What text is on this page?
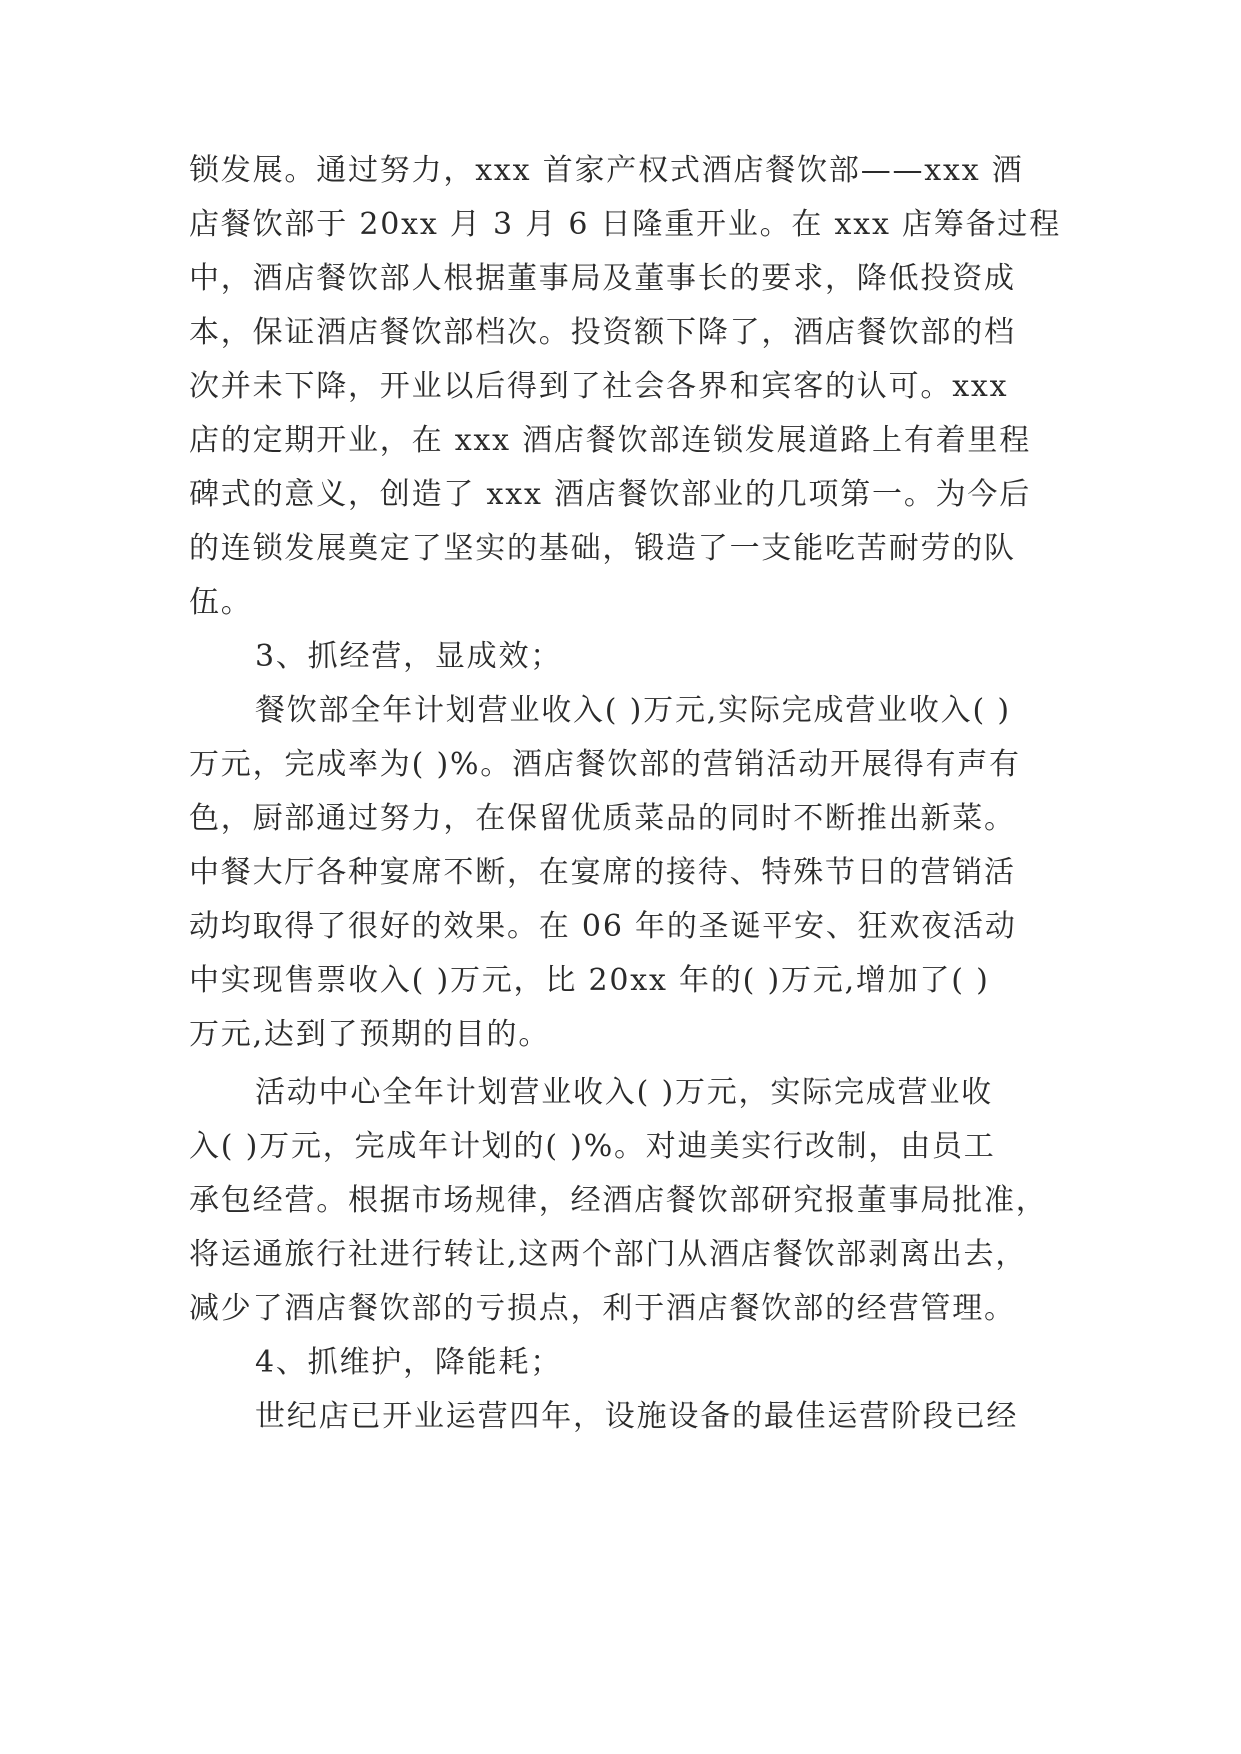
锁发展。通过努力，xxx 首家产权式酒店餐饮部——xxx 酒
店餐饮部于 20xx 月 3 月 6 日隆重开业。在 xxx 店筹备过程
中，酒店餐饮部人根据董事局及董事长的要求，降低投资成
本，保证酒店餐饮部档次。投资额下降了，酒店餐饮部的档
次并未下降，开业以后得到了社会各界和宾客的认可。xxx
店的定期开业，在 xxx 酒店餐饮部连锁发展道路上有着里程
碑式的意义，创造了 xxx 酒店餐饮部业的几项第一。为今后
的连锁发展奠定了坚实的基础，锻造了一支能吃苦耐劳的队
伍。
3、抓经营，显成效；
餐饮部全年计划营业收入( )万元,实际完成营业收入( )
万元，完成率为( )%。酒店餐饮部的营销活动开展得有声有
色，厨部通过努力，在保留优质菜品的同时不断推出新菜。
中餐大厅各种宴席不断，在宴席的接待、特殊节日的营销活
动均取得了很好的效果。在 06 年的圣诞平安、狂欢夜活动
中实现售票收入( )万元，比 20xx 年的( )万元,增加了( )
万元,达到了预期的目的。
活动中心全年计划营业收入( )万元，实际完成营业收
入( )万元，完成年计划的( )%。对迪美实行改制，由员工
承包经营。根据市场规律，经酒店餐饮部研究报董事局批准，
将运通旅行社进行转让,这两个部门从酒店餐饮部剥离出去，
减少了酒店餐饮部的亏损点，利于酒店餐饮部的经营管理。
4、抓维护，降能耗；
世纪店已开业运营四年，设施设备的最佳运营阶段已经
